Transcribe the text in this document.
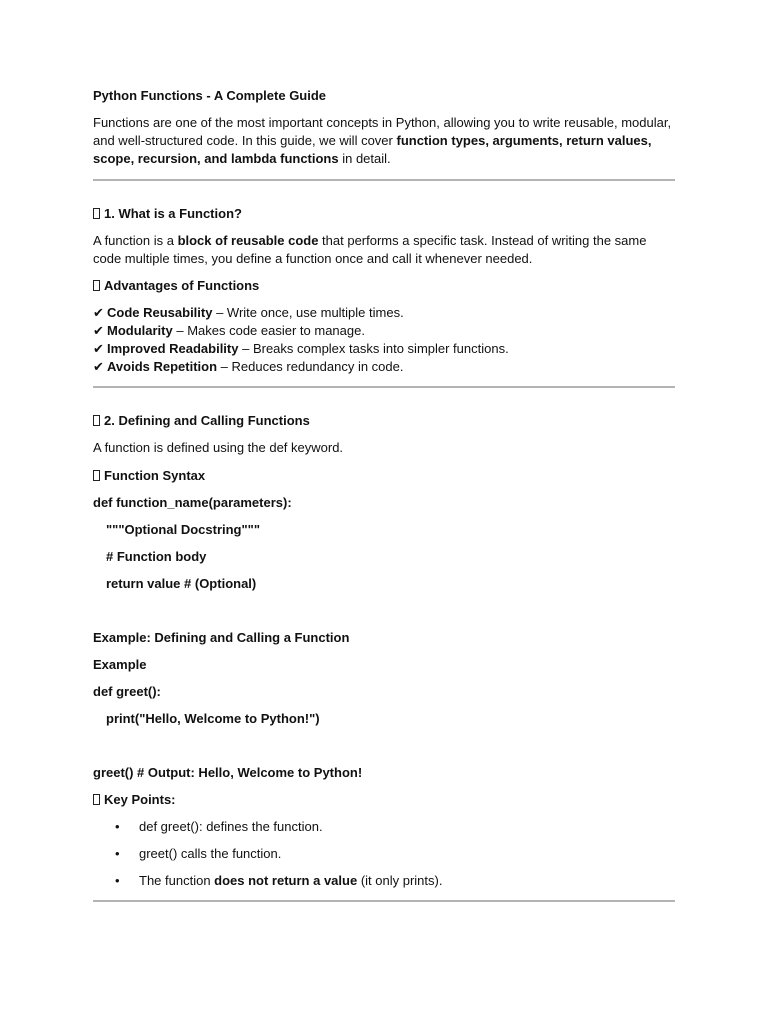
Python Functions - A Complete Guide

Functions are one of the most important concepts in Python, allowing you to write reusable, modular, and well-structured code. In this guide, we will cover function types, arguments, return values, scope, recursion, and lambda functions in detail.

1. What is a Function?

A function is a block of reusable code that performs a specific task. Instead of writing the same code multiple times, you define a function once and call it whenever needed.

Advantages of Functions

✔ Code Reusability – Write once, use multiple times.

✔ Modularity – Makes code easier to manage.

✔ Improved Readability – Breaks complex tasks into simpler functions.

✔ Avoids Repetition – Reduces redundancy in code.

2. Defining and Calling Functions

A function is defined using the def keyword.

Function Syntax

def function_name(parameters):

"""Optional Docstring"""

# Function body

return value # (Optional)

Example: Defining and Calling a Function

Example

def greet():

print("Hello, Welcome to Python!")

greet() # Output: Hello, Welcome to Python!

Key Points:

• def greet(): defines the function.
• greet() calls the function.
• The function does not return a value (it only prints).
